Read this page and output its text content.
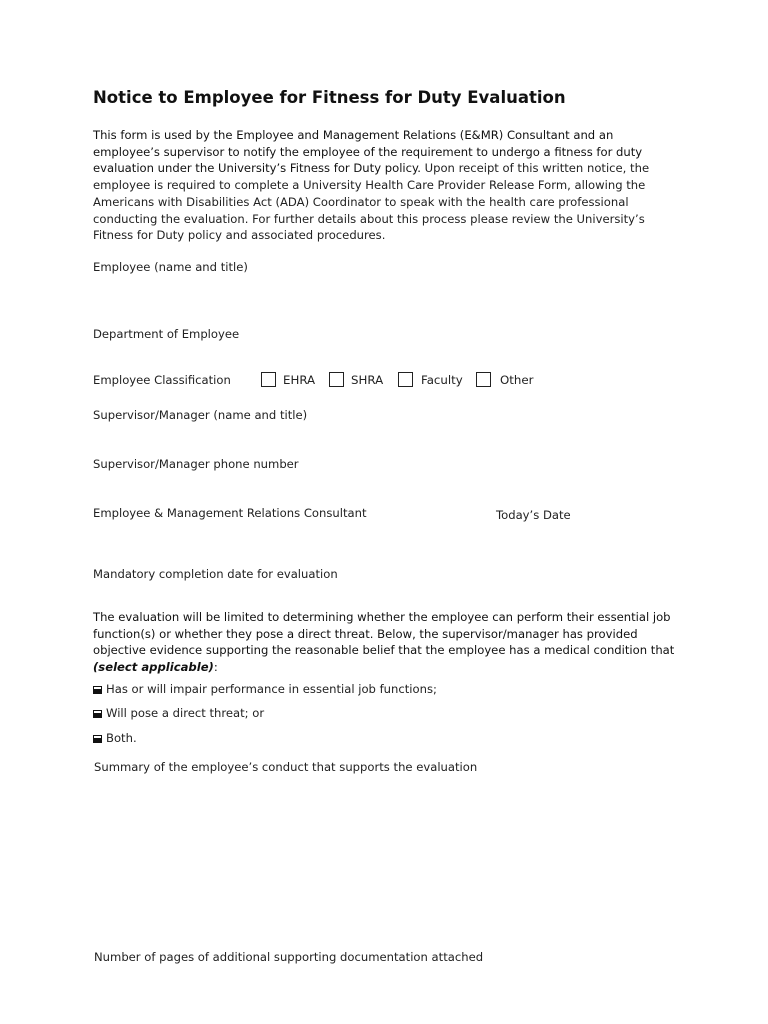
Notice to Employee for Fitness for Duty Evaluation
This form is used by the Employee and Management Relations (E&MR) Consultant and an employee’s supervisor to notify the employee of the requirement to undergo a fitness for duty evaluation under the University’s Fitness for Duty policy. Upon receipt of this written notice, the employee is required to complete a University Health Care Provider Release Form, allowing the Americans with Disabilities Act (ADA) Coordinator to speak with the health care professional conducting the evaluation. For further details about this process please review the University’s Fitness for Duty policy and associated procedures.
Employee (name and title)
Department of Employee
Employee Classification	EHRA	SHRA	Faculty	Other
Supervisor/Manager (name and title)
Supervisor/Manager phone number
Employee & Management Relations Consultant	Today’s Date
Mandatory completion date for evaluation
The evaluation will be limited to determining whether the employee can perform their essential job function(s) or whether they pose a direct threat. Below, the supervisor/manager has provided objective evidence supporting the reasonable belief that the employee has a medical condition that (select applicable):
Has or will impair performance in essential job functions;
Will pose a direct threat; or
Both.
Summary of the employee’s conduct that supports the evaluation
Number of pages of additional supporting documentation attached
